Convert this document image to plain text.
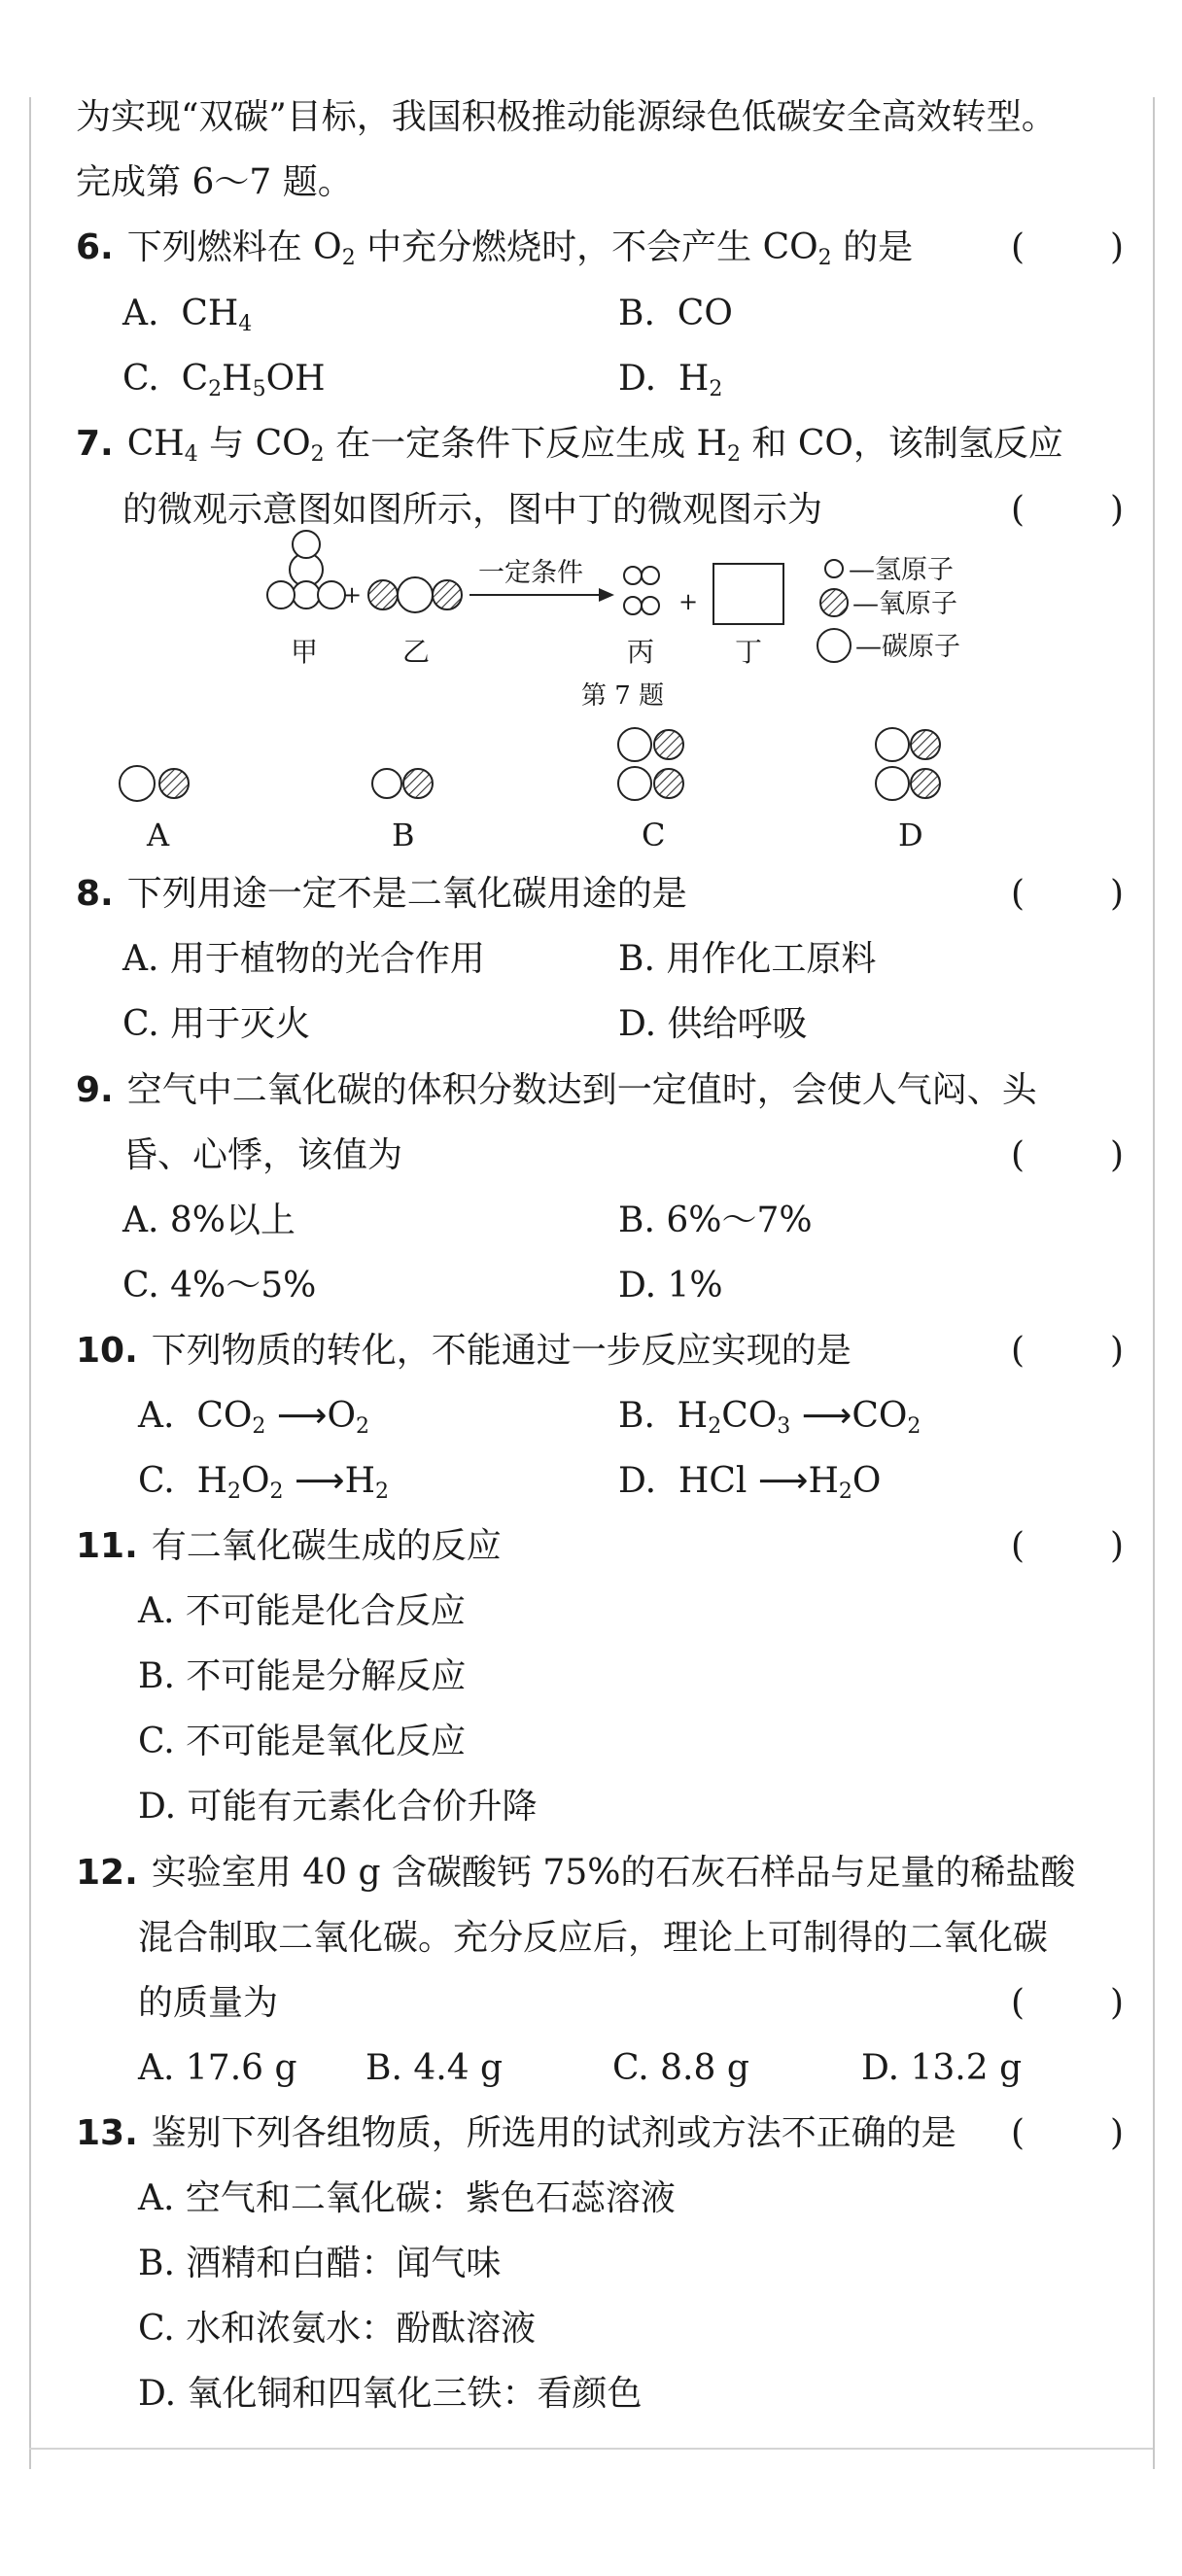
为实现“双碳”目标，我国积极推动能源绿色低碳安全高效转型。
完成第 6～7 题。
6. 下列燃料在 $O_2$ 中充分燃烧时，不会产生 $CO_2$ 的是	( )
A. $CH_4$	B. CO
C. $C_2H_5OH$	D. $H_2$
7. $CH_4$ 与 $CO_2$ 在一定条件下反应生成 $H_2$ 和 CO，该制氢反应
的微观示意图如图所示，图中丁的微观图示为	( )
+	+
一定条件
甲	乙	丙	丁
—氢原子
—氧原子
—碳原子
第 7 题
A	B	C	D
8. 下列用途一定不是二氧化碳用途的是	( )
A. 用于植物的光合作用	B. 用作化工原料
C. 用于灭火	D. 供给呼吸
9. 空气中二氧化碳的体积分数达到一定值时，会使人气闷、头
昏、心悸，该值为	( )
A. 8%以上	B. 6%～7%
C. 4%～5%	D. 1%
10. 下列物质的转化，不能通过一步反应实现的是	( )
A. $CO_2$ $⟶O_2$	B. $H_2CO_3$ $⟶CO_2$
C. $H_2O_2$ $⟶H_2$	D. HCl $⟶H_2O$
11. 有二氧化碳生成的反应	( )
A. 不可能是化合反应
B. 不可能是分解反应
C. 不可能是氧化反应
D. 可能有元素化合价升降
12. 实验室用 40 g 含碳酸钙 75%的石灰石样品与足量的稀盐酸
混合制取二氧化碳。充分反应后，理论上可制得的二氧化碳
的质量为	( )
A. 17.6 g B. 4.4 g	C. 8.8 g	D. 13.2 g
13. 鉴别下列各组物质，所选用的试剂或方法不正确的是	( )
A. 空气和二氧化碳：紫色石蕊溶液
B. 酒精和白醋：闻气味
C. 水和浓氨水：酚酞溶液
D. 氧化铜和四氧化三铁：看颜色
